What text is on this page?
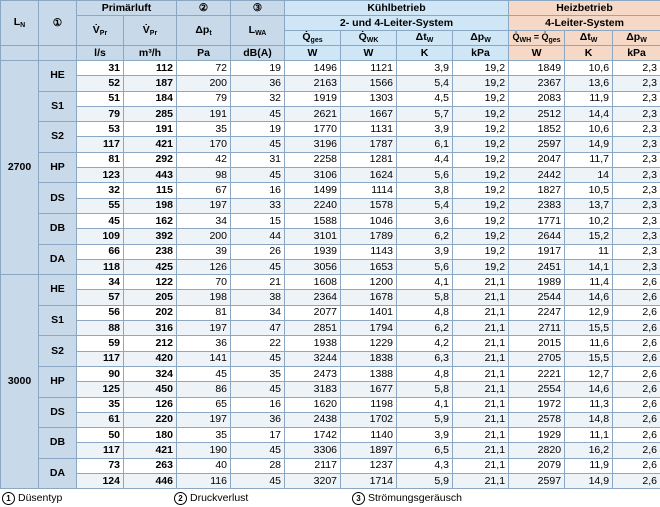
$L_N$	①	Primärluft		②	③	Kühlbetrieb				Heizbetrieb		
		$V̇_{Pr}$	$V̇_{Pr}$	$\Delta p_t$	$L_{WA}$	2- und 4-Leiter-System				4-Leiter-System		
						$Q̇_{ges}$	$Q̇_{WK}$	$\Delta t_W$	$\Delta p_W$	$Q̇_{WH}$ = $Q̇_{ges}$	$\Delta t_W$	$\Delta p_W$
		l/s	m³/h	Pa	dB(A)	W	W	K	kPa	W	K	kPa
2700	HE	31	112	72	19	1496	1121	3,9	19,2	1849	10,6	2,3
		52	187	200	36	2163	1566	5,4	19,2	2367	13,6	2,3
	S1	51	184	79	32	1919	1303	4,5	19,2	2083	11,9	2,3
		79	285	191	45	2621	1667	5,7	19,2	2512	14,4	2,3
	S2	53	191	35	19	1770	1131	3,9	19,2	1852	10,6	2,3
		117	421	170	45	3196	1787	6,1	19,2	2597	14,9	2,3
	HP	81	292	42	31	2258	1281	4,4	19,2	2047	11,7	2,3
		123	443	98	45	3106	1624	5,6	19,2	2442	14	2,3
	DS	32	115	67	16	1499	1114	3,8	19,2	1827	10,5	2,3
		55	198	197	33	2240	1578	5,4	19,2	2383	13,7	2,3
	DB	45	162	34	15	1588	1046	3,6	19,2	1771	10,2	2,3
		109	392	200	44	3101	1789	6,2	19,2	2644	15,2	2,3
	DA	66	238	39	26	1939	1143	3,9	19,2	1917	11	2,3
		118	425	126	45	3056	1653	5,6	19,2	2451	14,1	2,3
3000	HE	34	122	70	21	1608	1200	4,1	21,1	1989	11,4	2,6
		57	205	198	38	2364	1678	5,8	21,1	2544	14,6	2,6
	S1	56	202	81	34	2077	1401	4,8	21,1	2247	12,9	2,6
		88	316	197	47	2851	1794	6,2	21,1	2711	15,5	2,6
	S2	59	212	36	22	1938	1229	4,2	21,1	2015	11,6	2,6
		117	420	141	45	3244	1838	6,3	21,1	2705	15,5	2,6
	HP	90	324	45	35	2473	1388	4,8	21,1	2221	12,7	2,6
		125	450	86	45	3183	1677	5,8	21,1	2554	14,6	2,6
	DS	35	126	65	16	1620	1198	4,1	21,1	1972	11,3	2,6
		61	220	197	36	2438	1702	5,9	21,1	2578	14,8	2,6
	DB	50	180	35	17	1742	1140	3,9	21,1	1929	11,1	2,6
		117	421	190	45	3306	1897	6,5	21,1	2820	16,2	2,6
	DA	73	263	40	28	2117	1237	4,3	21,1	2079	11,9	2,6
		124	446	116	45	3207	1714	5,9	21,1	2597	14,9	2,6
1 Düsentyp	2 Druckverlust	3 Strömungsgeräusch
